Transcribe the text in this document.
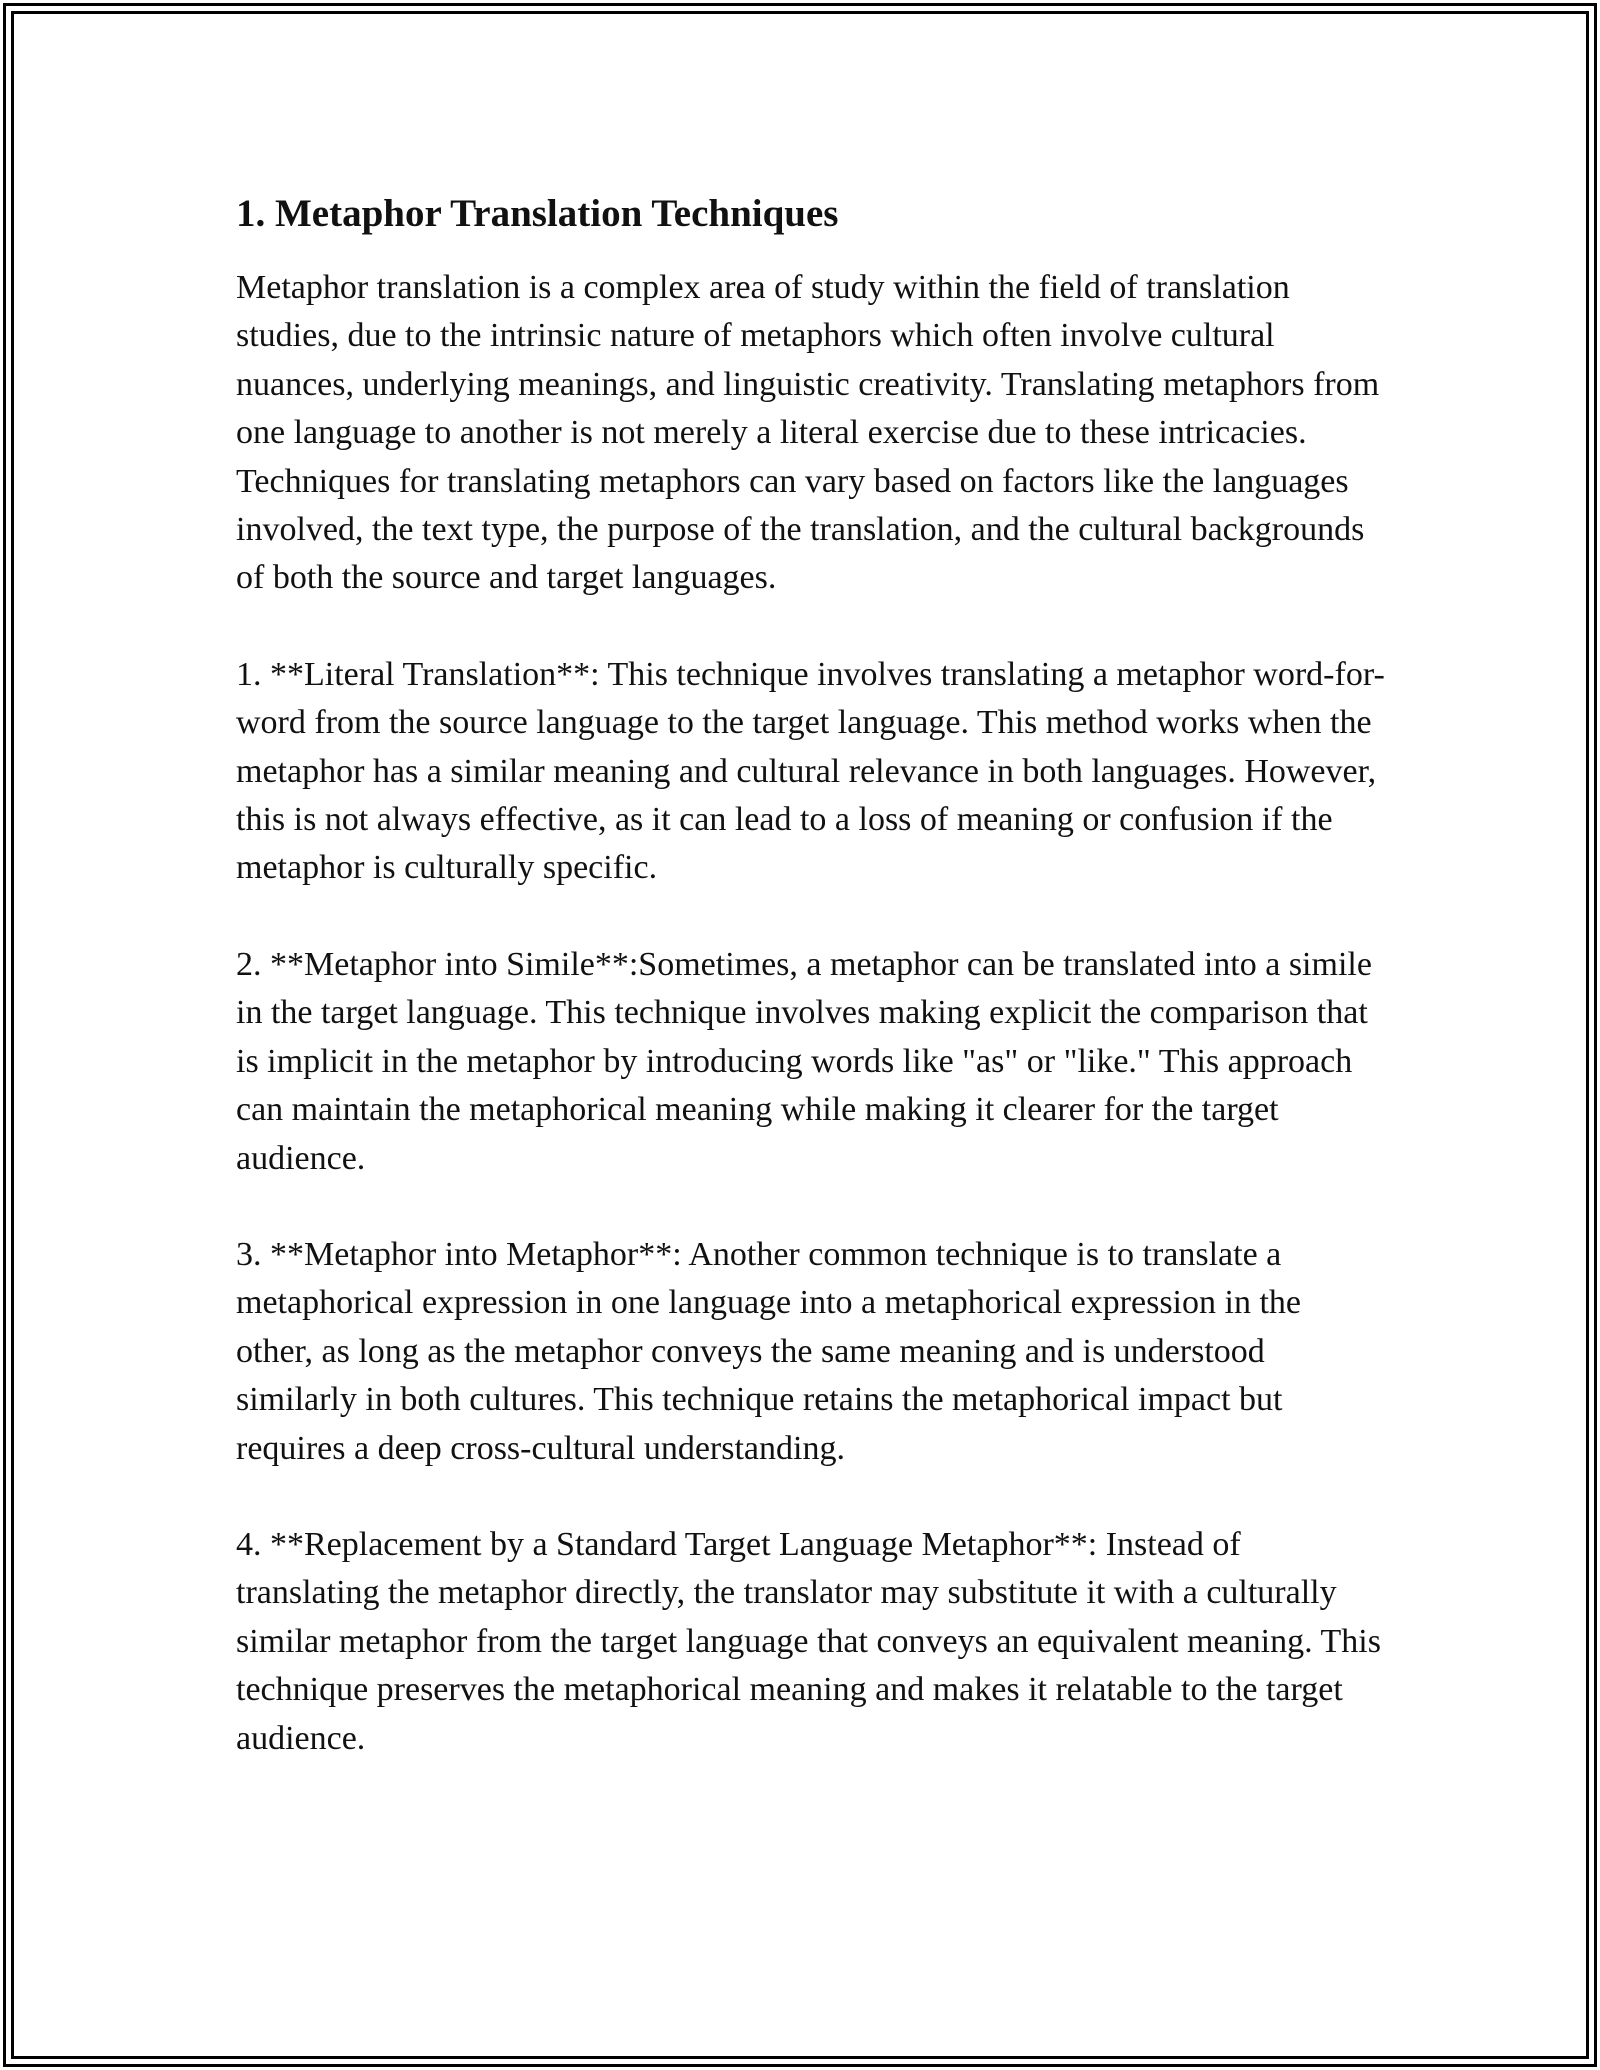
1. Metaphor Translation Techniques

Metaphor translation is a complex area of study within the field of translation studies, due to the intrinsic nature of metaphors which often involve cultural nuances, underlying meanings, and linguistic creativity. Translating metaphors from one language to another is not merely a literal exercise due to these intricacies. Techniques for translating metaphors can vary based on factors like the languages involved, the text type, the purpose of the translation, and the cultural backgrounds of both the source and target languages.

1. **Literal Translation**: This technique involves translating a metaphor word-for-word from the source language to the target language. This method works when the metaphor has a similar meaning and cultural relevance in both languages. However, this is not always effective, as it can lead to a loss of meaning or confusion if the metaphor is culturally specific.

2. **Metaphor into Simile**:Sometimes, a metaphor can be translated into a simile in the target language. This technique involves making explicit the comparison that is implicit in the metaphor by introducing words like "as" or "like." This approach can maintain the metaphorical meaning while making it clearer for the target audience.

3. **Metaphor into Metaphor**: Another common technique is to translate a metaphorical expression in one language into a metaphorical expression in the other, as long as the metaphor conveys the same meaning and is understood similarly in both cultures. This technique retains the metaphorical impact but requires a deep cross-cultural understanding.

4. **Replacement by a Standard Target Language Metaphor**: Instead of translating the metaphor directly, the translator may substitute it with a culturally similar metaphor from the target language that conveys an equivalent meaning. This technique preserves the metaphorical meaning and makes it relatable to the target audience.
